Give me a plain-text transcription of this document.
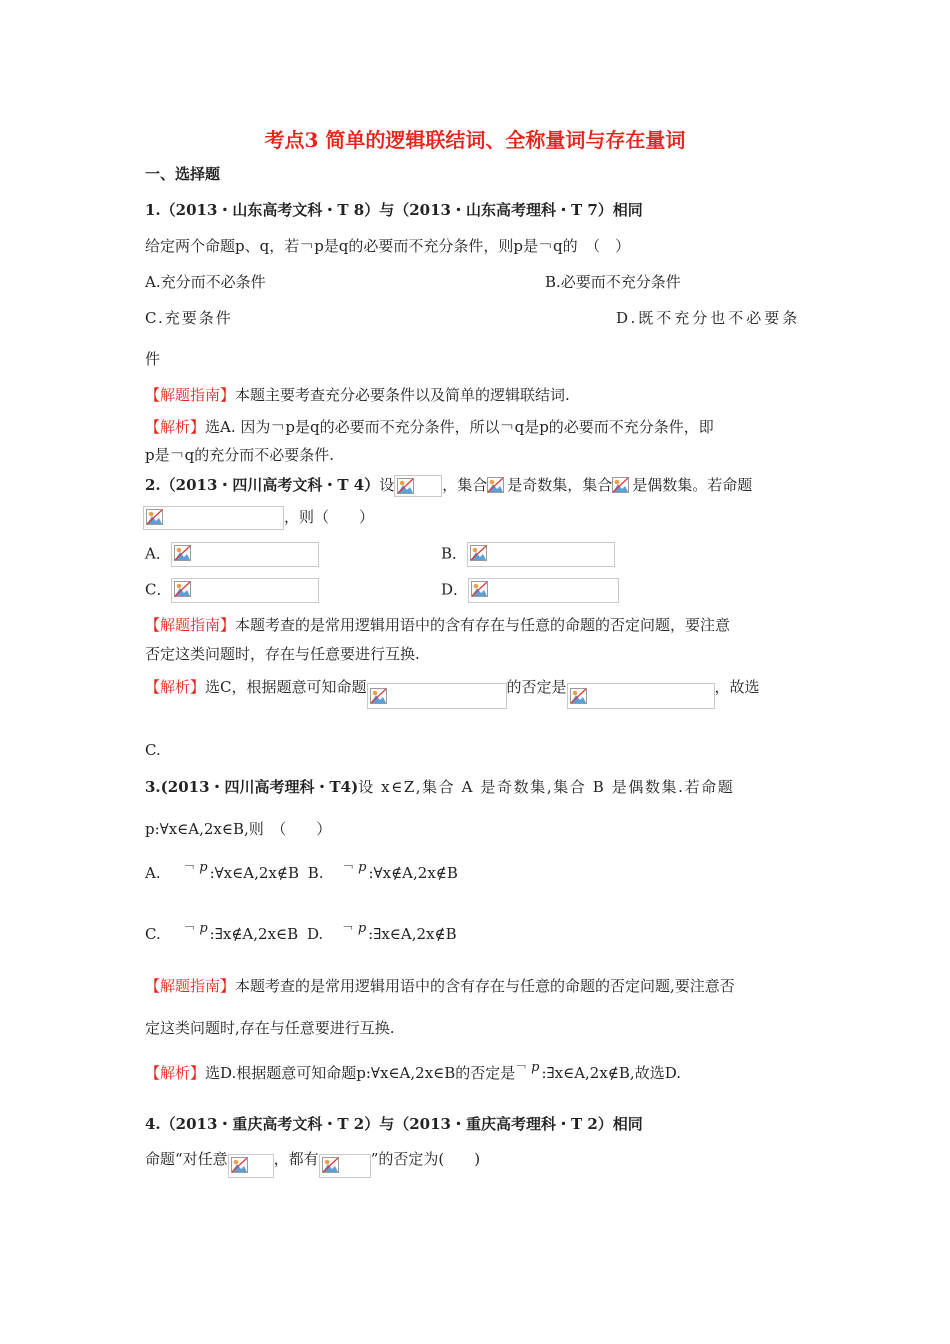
考点3 简单的逻辑联结词、全称量词与存在量词
一、选择题
1.（2013・山东高考文科・T 8）与（2013・山东高考理科・T 7）相同
给定两个命题p、q，若￢p是q的必要而不充分条件，则p是￢q的　（　）
A.充分而不必条件	B.必要而不充分条件
C.充要条件	D.既不充分也不必要条
件
【解题指南】本题主要考查充分必要条件以及简单的逻辑联结词.
【解析】选A. 因为￢p是q的必要而不充分条件，所以￢q是p的必要而不充分条件，即
p是￢q的充分而不必要条件.
2.（2013・四川高考文科・T 4）设	，集合 是奇数集，集合 是偶数集。若命题
，则（　　）
A．	B．
C．	D．
【解题指南】本题考查的是常用逻辑用语中的含有存在与任意的命题的否定问题，要注意
否定这类问题时，存在与任意要进行互换.
【解析】选C，根据题意可知命题	的否定是	，故选
C.
3.(2013・四川高考理科・T4)设 x∈Z,集合 A 是奇数集,集合 B 是偶数集.若命题
p:∀x∈A,2x∈B,则　（　　）
A. ￢ p :∀x∈A,2x∉B B. ￢ p :∀x∉A,2x∉B
C. ￢ p :∃x∉A,2x∈B D. ￢ p :∃x∈A,2x∉B
【解题指南】本题考查的是常用逻辑用语中的含有存在与任意的命题的否定问题,要注意否
定这类问题时,存在与任意要进行互换.
【解析】选D.根据题意可知命题p:∀x∈A,2x∈B的否定是￢ p :∃x∈A,2x∉B,故选D.
4.（2013・重庆高考文科・T 2）与（2013・重庆高考理科・T 2）相同
命题“对任意	，都有	”的否定为(　　)
